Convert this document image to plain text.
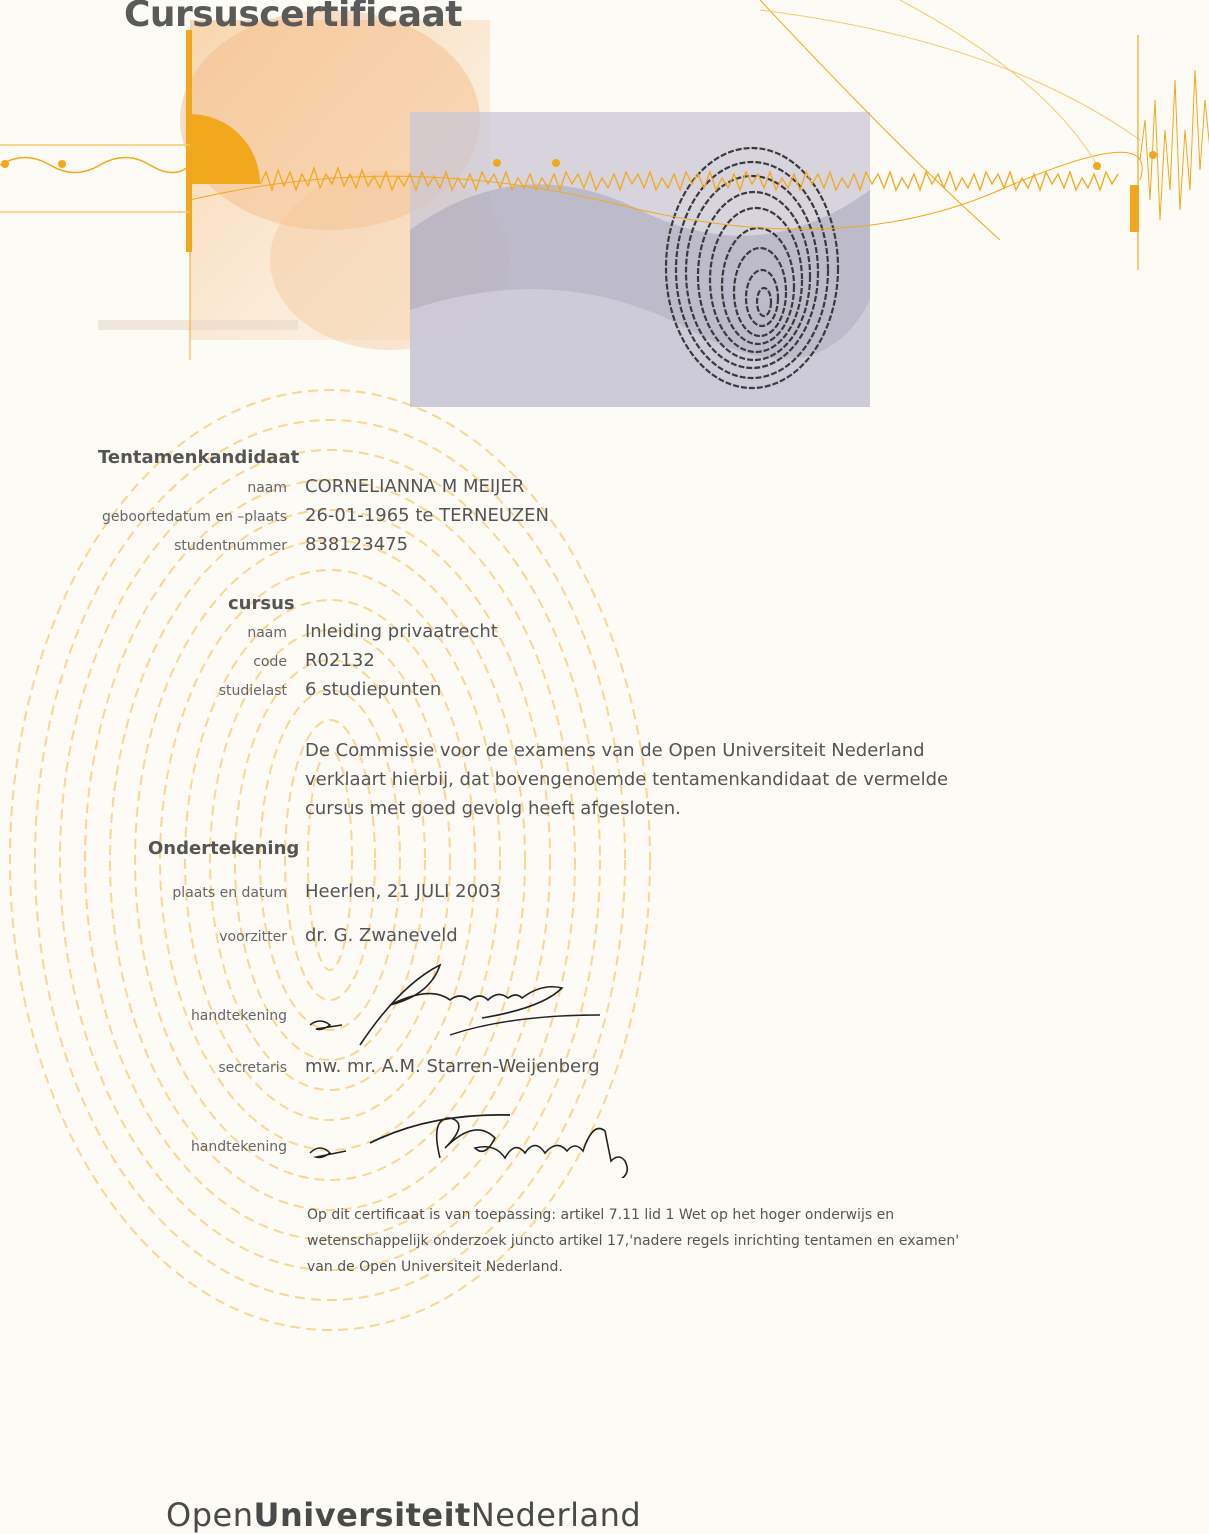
Cursuscertificaat
Tentamenkandidaat
naam CORNELIANNA M MEIJER
geboortedatum en –plaats 26-01-1965 te TERNEUZEN
studentnummer 838123475
cursus
naam Inleiding privaatrecht
code R02132
studielast 6 studiepunten
De Commissie voor de examens van de Open Universiteit Nederland
verklaart hierbij, dat bovengenoemde tentamenkandidaat de vermelde
cursus met goed gevolg heeft afgesloten.
Ondertekening
plaats en datum Heerlen, 21 JULI 2003
voorzitter dr. G. Zwaneveld
handtekening
secretaris mw. mr. A.M. Starren-Weijenberg
handtekening
Op dit certificaat is van toepassing: artikel 7.11 lid 1 Wet op het hoger onderwijs en
wetenschappelijk onderzoek juncto artikel 17,'nadere regels inrichting tentamen en examen'
van de Open Universiteit Nederland.
OpenUniversiteitNederland
